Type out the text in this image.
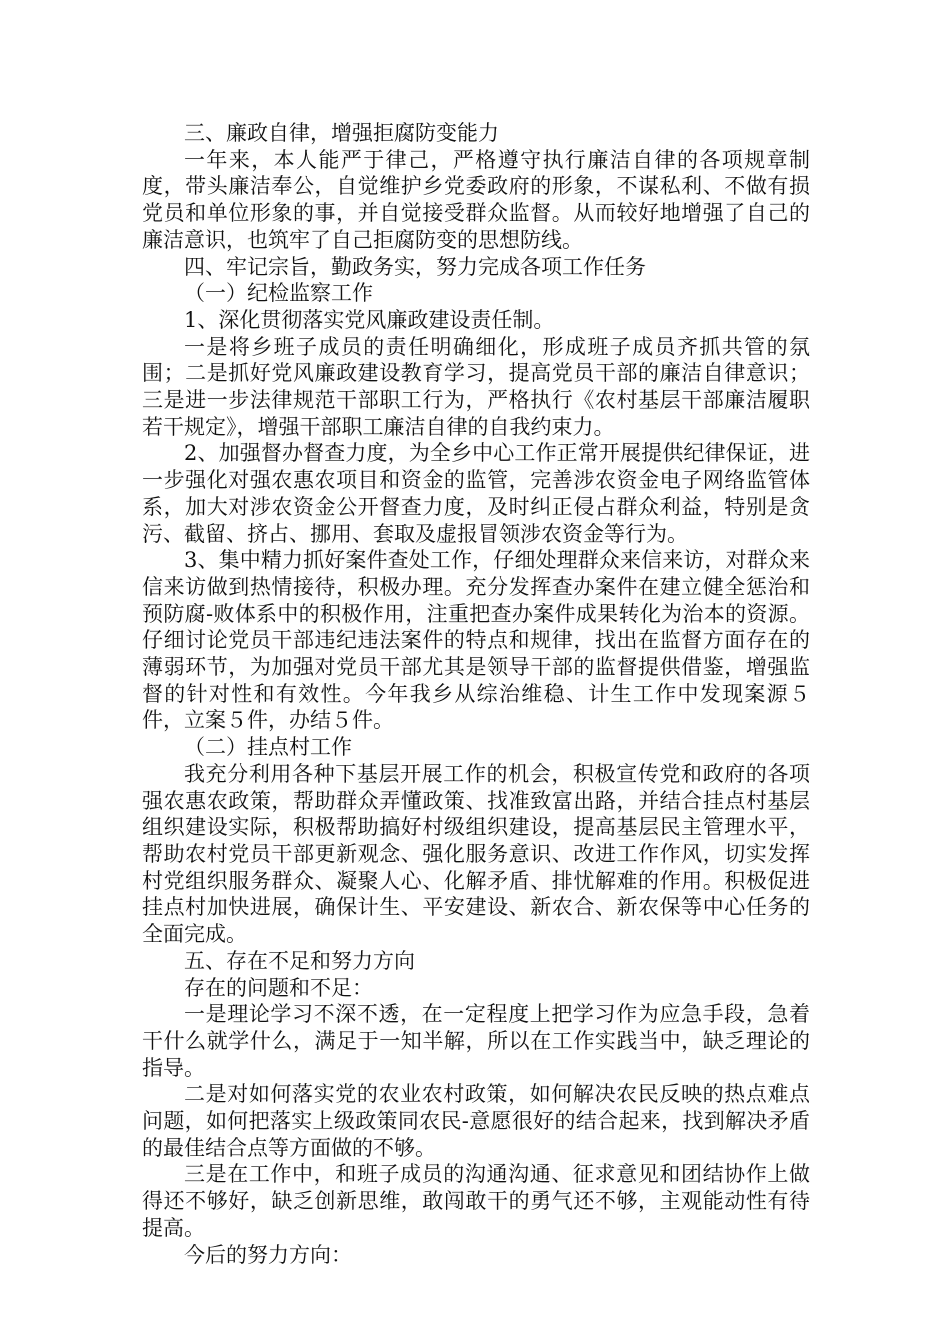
三、廉政自律，增强拒腐防变能力

一年来，本人能严于律己，严格遵守执行廉洁自律的各项规章制度，带头廉洁奉公，自觉维护乡党委政府的形象，不谋私利、不做有损党员和单位形象的事，并自觉接受群众监督。从而较好地增强了自己的廉洁意识，也筑牢了自己拒腐防变的思想防线。

四、牢记宗旨，勤政务实，努力完成各项工作任务

（一）纪检监察工作

1、深化贯彻落实党风廉政建设责任制。

一是将乡班子成员的责任明确细化，形成班子成员齐抓共管的氛围；二是抓好党风廉政建设教育学习，提高党员干部的廉洁自律意识；三是进一步法律规范干部职工行为，严格执行《农村基层干部廉洁履职若干规定》，增强干部职工廉洁自律的自我约束力。

2、加强督办督查力度，为全乡中心工作正常开展提供纪律保证，进一步强化对强农惠农项目和资金的监管，完善涉农资金电子网络监管体系，加大对涉农资金公开督查力度，及时纠正侵占群众利益，特别是贪污、截留、挤占、挪用、套取及虚报冒领涉农资金等行为。

3、集中精力抓好案件查处工作，仔细处理群众来信来访，对群众来信来访做到热情接待，积极办理。充分发挥查办案件在建立健全惩治和预防腐-败体系中的积极作用，注重把查办案件成果转化为治本的资源。仔细讨论党员干部违纪违法案件的特点和规律，找出在监督方面存在的薄弱环节，为加强对党员干部尤其是领导干部的监督提供借鉴，增强监督的针对性和有效性。今年我乡从综治维稳、计生工作中发现案源５件，立案５件，办结５件。

（二）挂点村工作

我充分利用各种下基层开展工作的机会，积极宣传党和政府的各项强农惠农政策，帮助群众弄懂政策、找准致富出路，并结合挂点村基层组织建设实际，积极帮助搞好村级组织建设，提高基层民主管理水平，帮助农村党员干部更新观念、强化服务意识、改进工作作风，切实发挥村党组织服务群众、凝聚人心、化解矛盾、排忧解难的作用。积极促进挂点村加快进展，确保计生、平安建设、新农合、新农保等中心任务的全面完成。

五、存在不足和努力方向

存在的问题和不足：

一是理论学习不深不透，在一定程度上把学习作为应急手段，急着干什么就学什么，满足于一知半解，所以在工作实践当中，缺乏理论的指导。

二是对如何落实党的农业农村政策，如何解决农民反映的热点难点问题，如何把落实上级政策同农民-意愿很好的结合起来，找到解决矛盾的最佳结合点等方面做的不够。

三是在工作中，和班子成员的沟通沟通、征求意见和团结协作上做得还不够好，缺乏创新思维，敢闯敢干的勇气还不够，主观能动性有待提高。

今后的努力方向：
